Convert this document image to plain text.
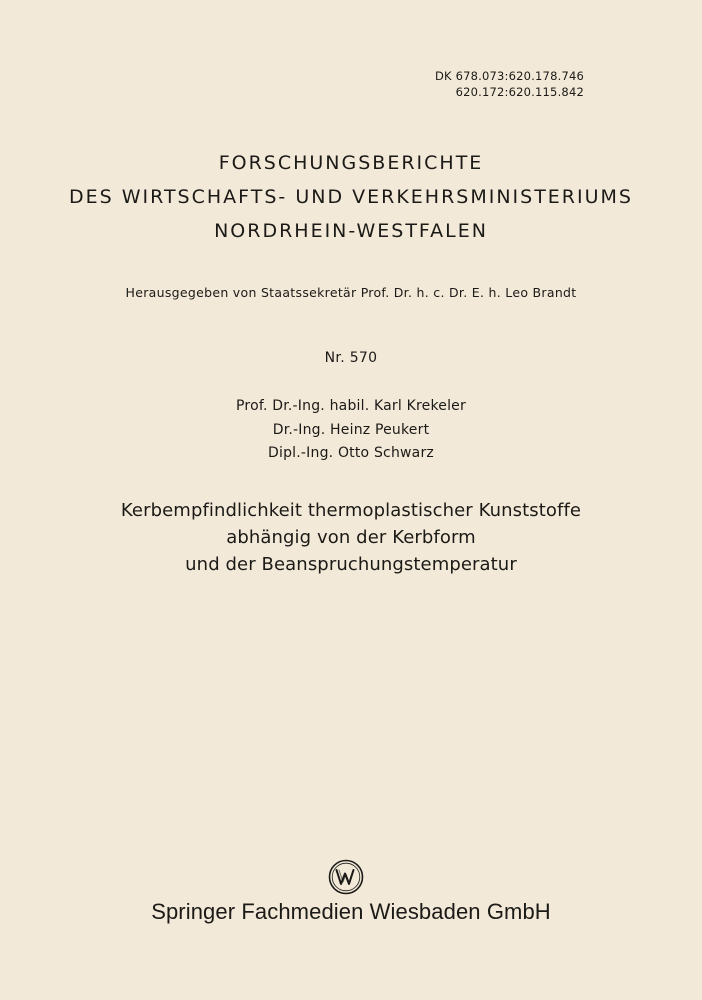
DK 678.073:620.178.746
620.172:620.115.842
FORSCHUNGSBERICHTE
DES WIRTSCHAFTS- UND VERKEHRSMINISTERIUMS
NORDRHEIN-WESTFALEN
Herausgegeben von Staatssekretär Prof. Dr. h. c. Dr. E. h. Leo Brandt
Nr. 570
Prof. Dr.-Ing. habil. Karl Krekeler
Dr.-Ing. Heinz Peukert
Dipl.-Ing. Otto Schwarz
Kerbempfindlichkeit thermoplastischer Kunststoffe
abhängig von der Kerbform
und der Beanspruchungstemperatur
Springer Fachmedien Wiesbaden GmbH
